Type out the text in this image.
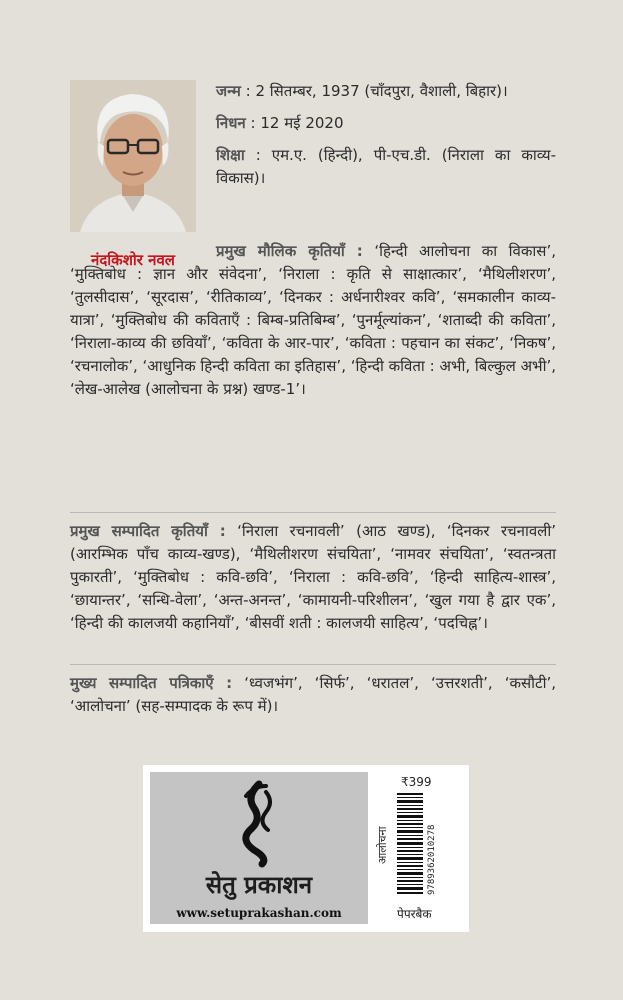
नंदकिशोर नवल

जन्म : 2 सितम्बर, 1937 (चाँदपुरा, वैशाली, बिहार)।

निधन : 12 मई 2020

शिक्षा : एम.ए. (हिन्दी), पी-एच.डी. (निराला का काव्य-विकास)।

प्रमुख मौलिक कृतियाँ : ‘हिन्दी आलोचना का विकास’, ‘मुक्तिबोध : ज्ञान और संवेदना’, ‘निराला : कृति से साक्षात्कार’, ‘मैथिलीशरण’, ‘तुलसीदास’, ‘सूरदास’, ‘रीतिकाव्य’, ‘दिनकर : अर्धनारीश्वर कवि’, ‘समकालीन काव्य-यात्रा’, ‘मुक्तिबोध की कविताएँ : बिम्ब-प्रतिबिम्ब’, ‘पुनर्मूल्यांकन’, ‘शताब्दी की कविता’, ‘निराला-काव्य की छवियाँ’, ‘कविता के आर-पार’, ‘कविता : पहचान का संकट’, ‘निकष’, ‘रचनालोक’, ‘आधुनिक हिन्दी कविता का इतिहास’, ‘हिन्दी कविता : अभी, बिल्कुल अभी’, ‘लेख-आलेख (आलोचना के प्रश्न) खण्ड-1’।

प्रमुख सम्पादित कृतियाँ : ‘निराला रचनावली’ (आठ खण्ड), ‘दिनकर रचनावली’ (आरम्भिक पाँच काव्य-खण्ड), ‘मैथिलीशरण संचयिता’, ‘नामवर संचयिता’, ‘स्वतन्त्रता पुकारती’, ‘मुक्तिबोध : कवि-छवि’, ‘निराला : कवि-छवि’, ‘हिन्दी साहित्य-शास्त्र’, ‘छायान्तर’, ‘सन्धि-वेला’, ‘अन्त-अनन्त’, ‘कामायनी-परिशीलन’, ‘खुल गया है द्वार एक’, ‘हिन्दी की कालजयी कहानियाँ’, ‘बीसवीं शती : कालजयी साहित्य’, ‘पदचिह्न’।

मुख्य सम्पादित पत्रिकाएँ : ‘ध्वजभंग’, ‘सिर्फ’, ‘धरातल’, ‘उत्तरशती’, ‘कसौटी’, ‘आलोचना’ (सह-सम्पादक के रूप में)।

सेतु प्रकाशन
www.setuprakashan.com
₹399
आलोचना	9789362010278
पेपरबैक
